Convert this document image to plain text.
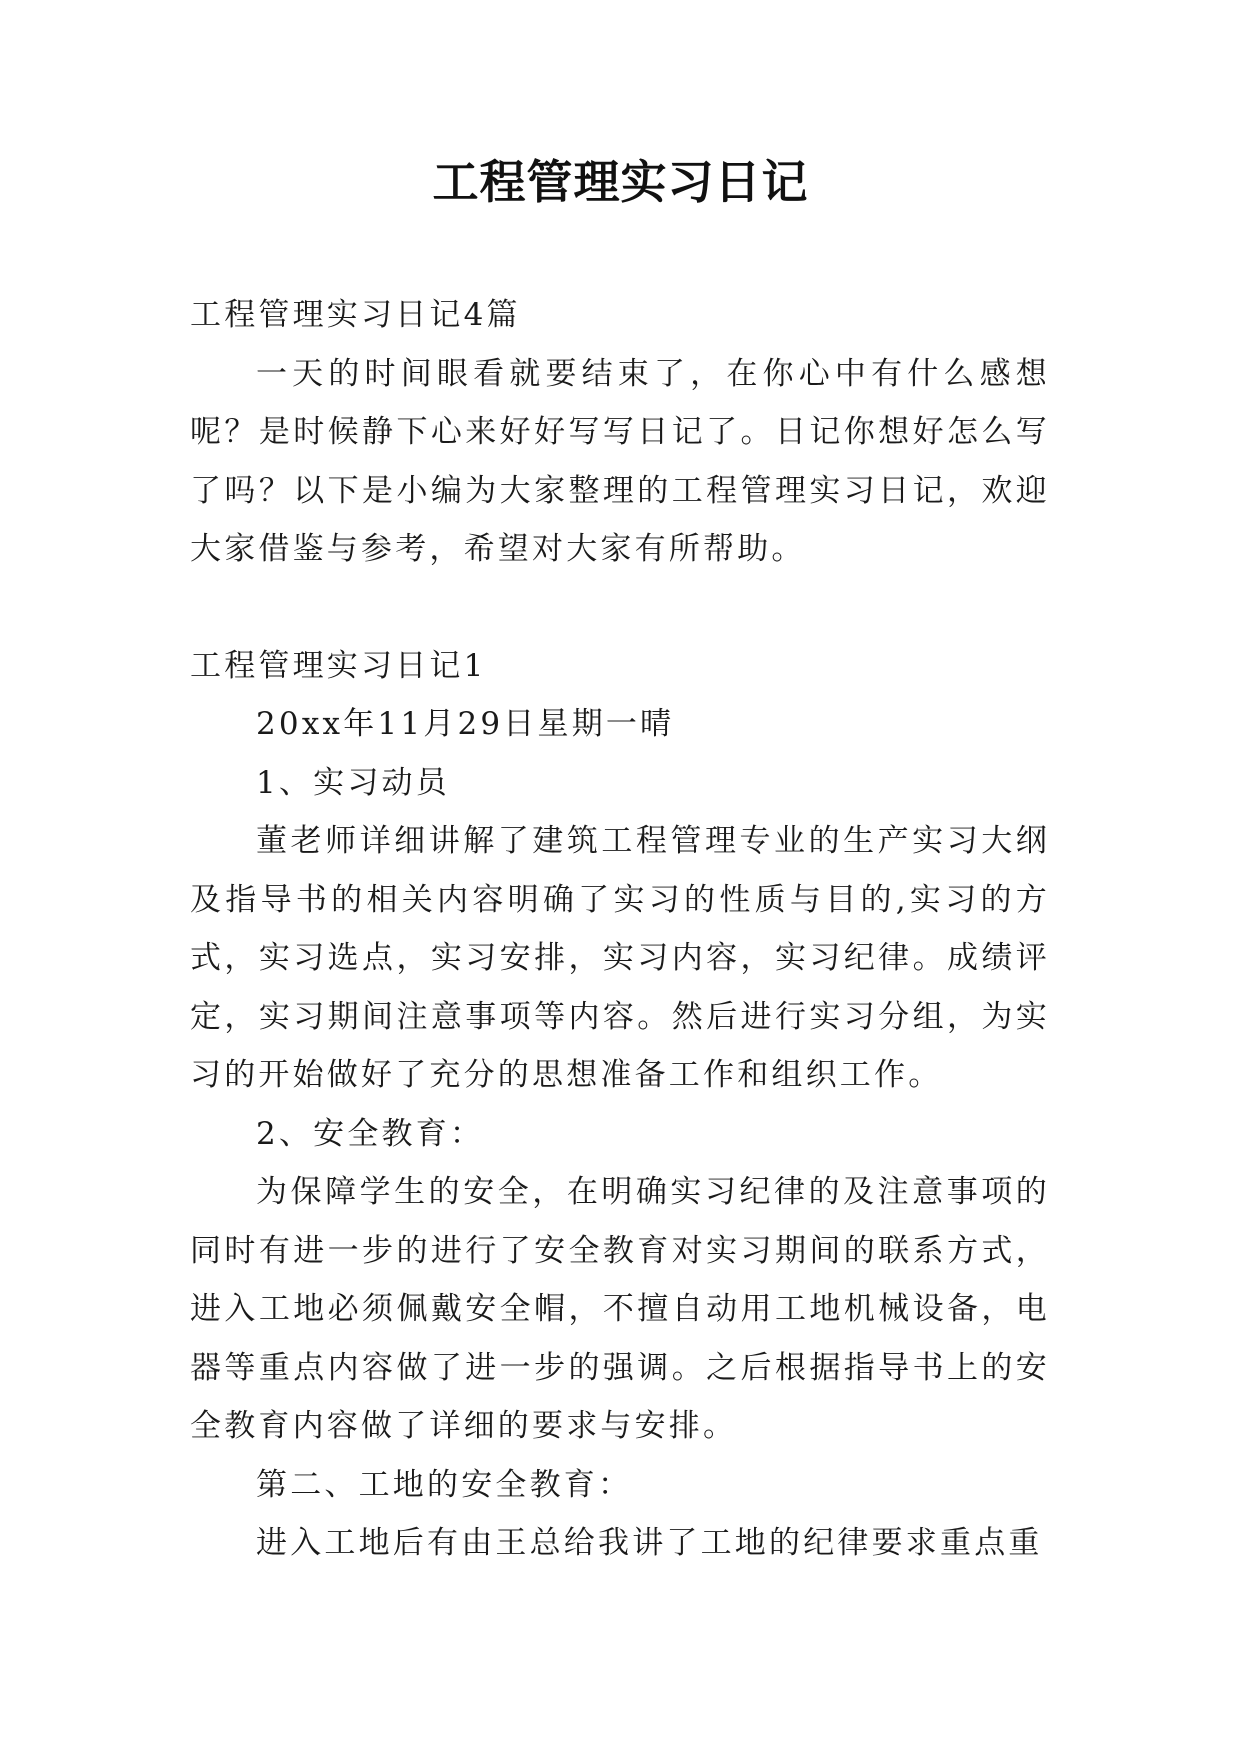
工程管理实习日记

工程管理实习日记4篇

一天的时间眼看就要结束了，在你心中有什么感想呢？是时候静下心来好好写写日记了。日记你想好怎么写了吗？以下是小编为大家整理的工程管理实习日记，欢迎大家借鉴与参考，希望对大家有所帮助。

工程管理实习日记1

20xx年11月29日星期一晴

1、实习动员

董老师详细讲解了建筑工程管理专业的生产实习大纲及指导书的相关内容明确了实习的性质与目的,实习的方式，实习选点，实习安排，实习内容，实习纪律。成绩评定，实习期间注意事项等内容。然后进行实习分组，为实习的开始做好了充分的思想准备工作和组织工作。

2、安全教育：

为保障学生的安全，在明确实习纪律的及注意事项的同时有进一步的进行了安全教育对实习期间的联系方式，进入工地必须佩戴安全帽，不擅自动用工地机械设备，电器等重点内容做了进一步的强调。之后根据指导书上的安全教育内容做了详细的要求与安排。

第二、工地的安全教育：

进入工地后有由王总给我讲了工地的纪律要求重点重
